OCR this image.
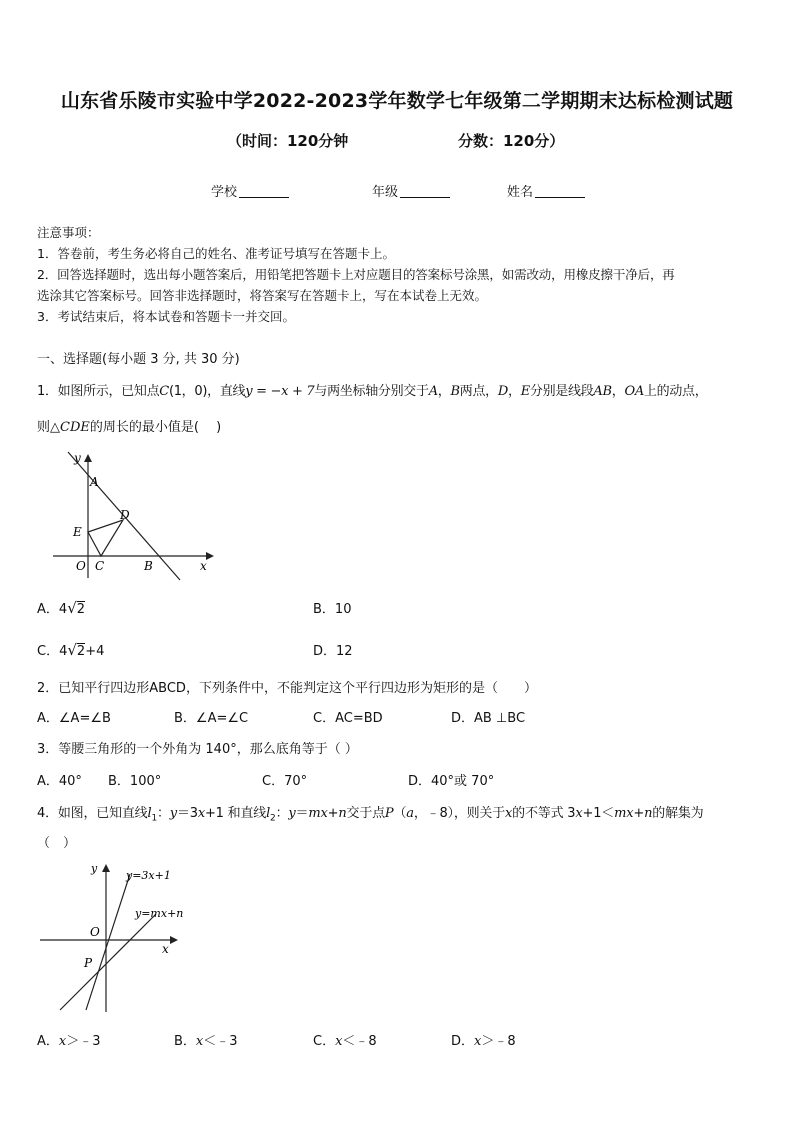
山东省乐陵市实验中学2022-2023学年数学七年级第二学期期末达标检测试题
（时间：120分钟	分数：120分）
学校	年级	姓名
注意事项：
1．答卷前，考生务必将自己的姓名、准考证号填写在答题卡上。
2．回答选择题时，选出每小题答案后，用铅笔把答题卡上对应题目的答案标号涂黑，如需改动，用橡皮擦干净后，再
选涂其它答案标号。回答非选择题时，将答案写在答题卡上，写在本试卷上无效。
3．考试结束后，将本试卷和答题卡一并交回。
一、选择题(每小题 3 分, 共 30 分)
1．如图所示，已知点C(1，0)，直线y = −x + 7与两坐标轴分别交于A，B两点，D，E分别是线段AB，OA上的动点，
则△CDE的周长的最小值是(　 )
y
A
D
E
O C	B	x
A．4√2	B．10
C．4√2+4	D．12
2．已知平行四边形ABCD，下列条件中，不能判定这个平行四边形为矩形的是（　　）
A．∠A=∠B	B．∠A=∠C	C．AC=BD	D．AB ⊥BC
3．等腰三角形的一个外角为 140°，那么底角等于（ ）
A．40° B．100°	C．70°	D．40°或 70°
4．如图，已知直线$l_1$：y＝3x+1 和直线$l_2$：y＝mx+n交于点P（a，﹣8），则关于x的不等式 3x+1＜mx+n的解集为
（　）
y
y=3x+1
y=mx+n
O
x
P
A．x＞﹣3	B．x＜﹣3	C．x＜﹣8	D．x＞﹣8
